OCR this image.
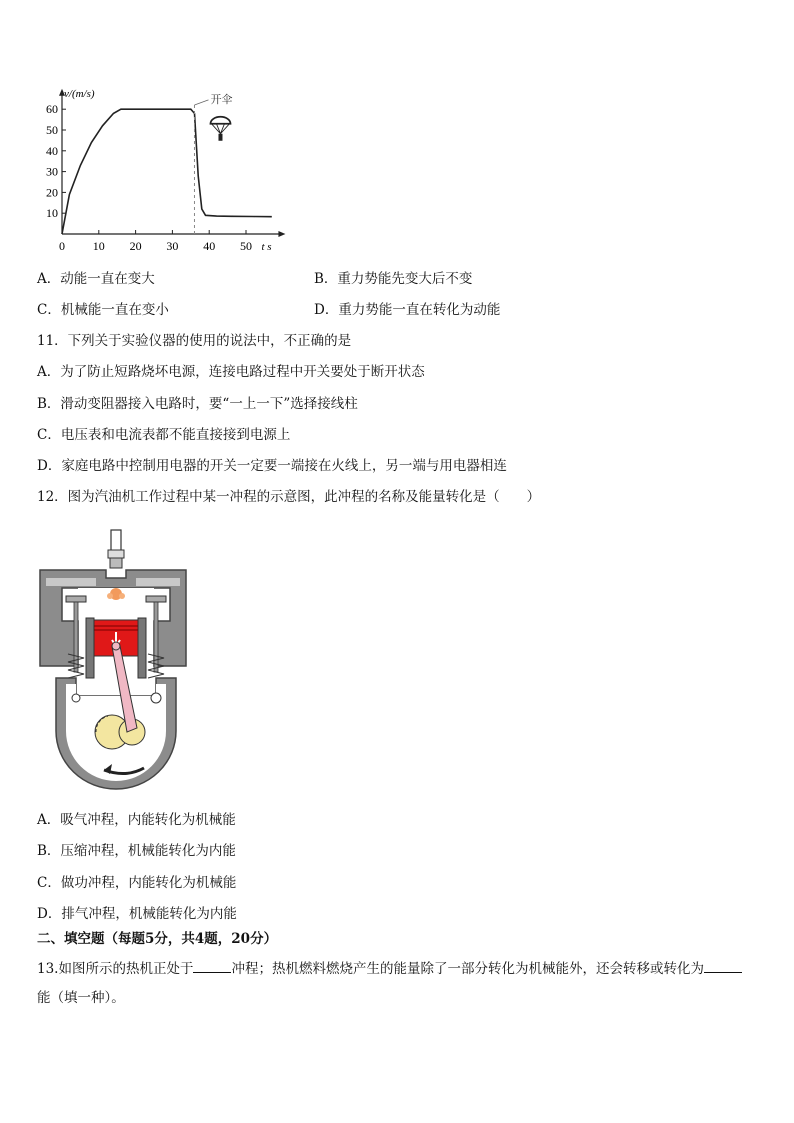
v/(m/s)
t s
0 10 20 30 40 50
10
20
30
40
50
60
开伞
A．动能一直在变大	B．重力势能先变大后不变
C．机械能一直在变小	D．重力势能一直在转化为动能
11．下列关于实验仪器的使用的说法中，不正确的是
A．为了防止短路烧坏电源，连接电路过程中开关要处于断开状态
B．滑动变阻器接入电路时，要“一上一下”选择接线柱
C．电压表和电流表都不能直接接到电源上
D．家庭电路中控制用电器的开关一定要一端接在火线上，另一端与用电器相连
12．图为汽油机工作过程中某一冲程的示意图，此冲程的名称及能量转化是（　　）
A．吸气冲程，内能转化为机械能
B．压缩冲程，机械能转化为内能
C．做功冲程，内能转化为机械能
D．排气冲程，机械能转化为内能
二、填空题（每题5分，共4题，20分）
13.如图所示的热机正处于	冲程；热机燃料燃烧产生的能量除了一部分转化为机械能外，还会转移或转化为
能（填一种）。
